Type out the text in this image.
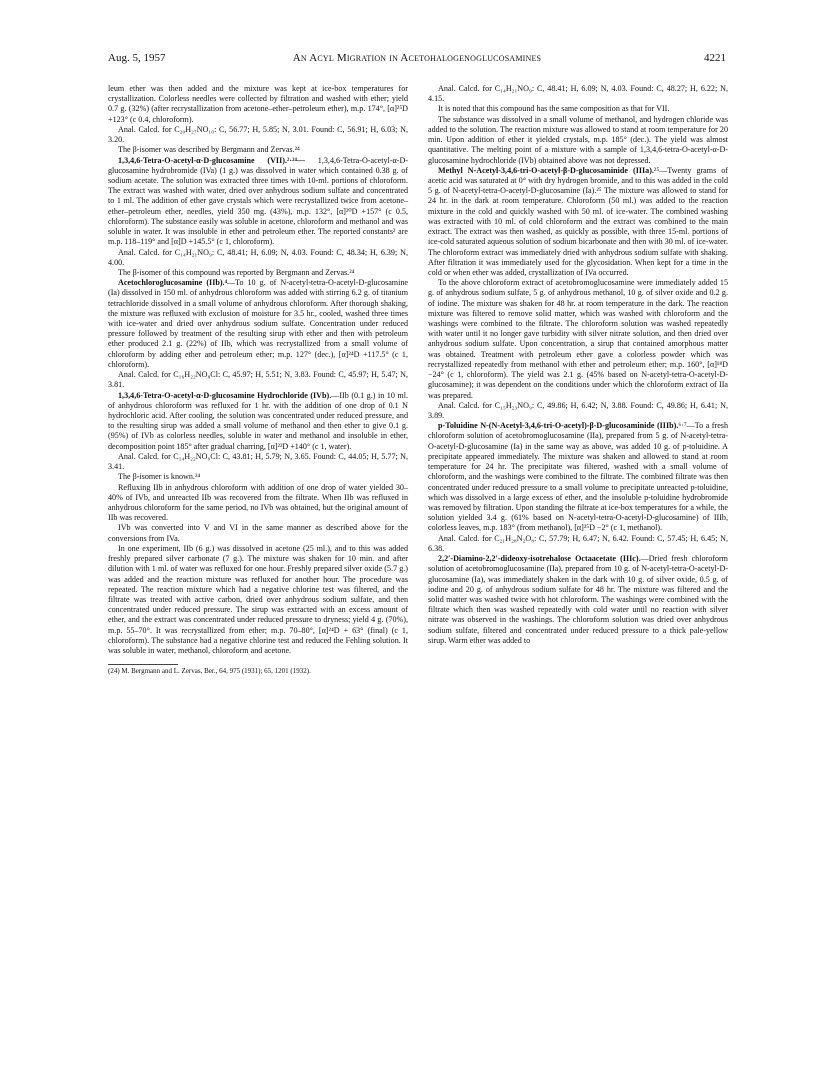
Aug. 5, 1957	An Acyl Migration in Acetohalogenoglucosamines	4221

leum ether was then added and the mixture was kept at ice-box temperatures for crystallization. Colorless needles were collected by filtration and washed with ether; yield 0.7 g. (32%) (after recrystallization from acetone–ether–petroleum ether), m.p. 174°, [α]²⁵D +123° (c 0.4, chloroform).

Anal. Calcd. for C₂₀H₂₇NO₁₀: C, 56.77; H, 5.85; N, 3.01. Found: C, 56.91; H, 6.03; N, 3.20.

The β-isomer was described by Bergmann and Zervas.²⁴

1,3,4,6-Tetra-O-acetyl-α-D-glucosamine (VII).²·²⁴— 1,3,4,6-Tetra-O-acetyl-α-D-glucosamine hydrobromide (IVa) (1 g.) was dissolved in water which contained 0.38 g. of sodium acetate. The solution was extracted three times with 10-ml. portions of chloroform. The extract was washed with water, dried over anhydrous sodium sulfate and concentrated to 1 ml. The addition of ether gave crystals which were recrystallized twice from acetone–ether–petroleum ether, needles, yield 350 mg. (43%), m.p. 132°, [α]²⁰D +157° (c 0.5, chloroform). The substance easily was soluble in acetone, chloroform and methanol and was soluble in water. It was insoluble in ether and petroleum ether. The reported constants² are m.p. 118–119° and [α]D +145.5° (c 1, chloroform).

Anal. Calcd. for C₁₄H₂₁NO₉: C, 48.41; H, 6.09; N, 4.03. Found: C, 48.34; H, 6.39; N, 4.00.

The β-isomer of this compound was reported by Bergmann and Zervas.²⁴

Acetochloroglucosamine (IIb).⁴—To 10 g. of N-acetyl-tetra-O-acetyl-D-glucosamine (Ia) dissolved in 150 ml. of anhydrous chloroform was added with stirring 6.2 g. of titanium tetrachloride dissolved in a small volume of anhydrous chloroform. After thorough shaking, the mixture was refluxed with exclusion of moisture for 3.5 hr., cooled, washed three times with ice-water and dried over anhydrous sodium sulfate. Concentration under reduced pressure followed by treatment of the resulting sirup with ether and then with petroleum ether produced 2.1 g. (22%) of IIb, which was recrystallized from a small volume of chloroform by adding ether and petroleum ether; m.p. 127° (dec.), [α]²⁴D +117.5° (c 1, chloroform).

Anal. Calcd. for C₁₆H₂₂NO₈Cl: C, 45.97; H, 5.51; N, 3.83. Found: C, 45.97; H, 5.47; N, 3.81.

1,3,4,6-Tetra-O-acetyl-α-D-glucosamine Hydrochloride (IVb).—IIb (0.1 g.) in 10 ml. of anhydrous chloroform was refluxed for 1 hr. with the addition of one drop of 0.1 N hydrochloric acid. After cooling, the solution was concentrated under reduced pressure, and to the resulting sirup was added a small volume of methanol and then ether to give 0.1 g. (95%) of IVb as colorless needles, soluble in water and methanol and insoluble in ether, decomposition point 185° after gradual charring, [α]²²D +140° (c 1, water).

Anal. Calcd. for C₁₄H₂₂NO₉Cl: C, 43.81; H, 5.79; N, 3.65. Found: C, 44.05; H, 5.77; N, 3.41.

The β-isomer is known.²⁴

Refluxing IIb in anhydrous chloroform with addition of one drop of water yielded 30–40% of IVb, and unreacted IIb was recovered from the filtrate. When IIb was refluxed in anhydrous chloroform for the same period, no IVb was obtained, but the original amount of IIb was recovered.

IVb was converted into V and VI in the same manner as described above for the conversions from IVa.

In one experiment, IIb (6 g.) was dissolved in acetone (25 ml.), and to this was added freshly prepared silver carbonate (7 g.). The mixture was shaken for 10 min. and after dilution with 1 ml. of water was refluxed for one hour. Freshly prepared silver oxide (5.7 g.) was added and the reaction mixture was refluxed for another hour. The procedure was repeated. The reaction mixture which had a negative chlorine test was filtered, and the filtrate was treated with active carbon, dried over anhydrous sodium sulfate, and then concentrated under reduced pressure. The sirup was extracted with an excess amount of ether, and the extract was concentrated under reduced pressure to dryness; yield 4 g. (70%), m.p. 55–70°. It was recrystallized from ether; m.p. 70–80°, [α]²⁴D + 63° (final) (c 1, chloroform). The substance had a negative chlorine test and reduced the Fehling solution. It was soluble in water, methanol, chloroform and acetone.

(24) M. Bergmann and L. Zervas, Ber., 64, 975 (1931); 65, 1201 (1932).

Anal. Calcd. for C₁₄H₂₁NO₉: C, 48.41; H, 6.09; N, 4.03. Found: C, 48.27; H, 6.22; N, 4.15.

It is noted that this compound has the same composition as that for VII.

The substance was dissolved in a small volume of methanol, and hydrogen chloride was added to the solution. The reaction mixture was allowed to stand at room temperature for 20 min. Upon addition of ether it yielded crystals, m.p. 185° (dec.). The yield was almost quantitative. The melting point of a mixture with a sample of 1,3,4,6-tetra-O-acetyl-α-D-glucosamine hydrochloride (IVb) obtained above was not depressed.

Methyl N-Acetyl-3,4,6-tri-O-acetyl-β-D-glucosaminide (IIIa).²⁵—Twenty grams of acetic acid was saturated at 0° with dry hydrogen bromide, and to this was added in the cold 5 g. of N-acetyl-tetra-O-acetyl-D-glucosamine (Ia).²⁵ The mixture was allowed to stand for 24 hr. in the dark at room temperature. Chloroform (50 ml.) was added to the reaction mixture in the cold and quickly washed with 50 ml. of ice-water. The combined washing was extracted with 10 ml. of cold chloroform and the extract was combined to the main extract. The extract was then washed, as quickly as possible, with three 15-ml. portions of ice-cold saturated aqueous solution of sodium bicarbonate and then with 30 ml. of ice-water. The chloroform extract was immediately dried with anhydrous sodium sulfate with shaking. After filtration it was immediately used for the glycosidation. When kept for a time in the cold or when ether was added, crystallization of IVa occurred.

To the above chloroform extract of acetobromoglucosamine were immediately added 15 g. of anhydrous sodium sulfate, 5 g. of anhydrous methanol, 10 g. of silver oxide and 0.2 g. of iodine. The mixture was shaken for 48 hr. at room temperature in the dark. The reaction mixture was filtered to remove solid matter, which was washed with chloroform and the washings were combined to the filtrate. The chloroform solution was washed repeatedly with water until it no longer gave turbidity with silver nitrate solution, and then dried over anhydrous sodium sulfate. Upon concentration, a sirup that contained amorphous matter was obtained. Treatment with petroleum ether gave a colorless powder which was recrystallized repeatedly from methanol with ether and petroleum ether; m.p. 160°, [α]¹⁸D −24° (c 1, chloroform). The yield was 2.1 g. (45% based on N-acetyl-tetra-O-acetyl-D-glucosamine); it was dependent on the conditions under which the chloroform extract of IIa was prepared.

Anal. Calcd. for C₁₅H₂₃NO₉: C, 49.86; H, 6.42; N, 3.88. Found: C, 49.86; H, 6.41; N, 3.89.

p-Toluidine N-(N-Acetyl-3,4,6-tri-O-acetyl)-β-D-glucosaminide (IIIb).⁶·⁷—To a fresh chloroform solution of acetobromoglucosamine (IIa), prepared from 5 g. of N-acetyl-tetra-O-acetyl-D-glucosamine (Ia) in the same way as above, was added 10 g. of p-toluidine. A precipitate appeared immediately. The mixture was shaken and allowed to stand at room temperature for 24 hr. The precipitate was filtered, washed with a small volume of chloroform, and the washings were combined to the filtrate. The combined filtrate was then concentrated under reduced pressure to a small volume to precipitate unreacted p-toluidine, which was dissolved in a large excess of ether, and the insoluble p-toluidine hydrobromide was removed by filtration. Upon standing the filtrate at ice-box temperatures for a while, the solution yielded 3.4 g. (61% based on N-acetyl-tetra-O-acetyl-D-glucosamine) of IIIb, colorless leaves, m.p. 183° (from methanol), [α]²⁵D −2° (c 1, methanol).

Anal. Calcd. for C₂₁H₂₈N₂O₈: C, 57.79; H, 6.47; N, 6.42. Found: C, 57.45; H, 6.45; N, 6.38.

2,2′-Diamino-2,2′-dideoxy-isotrehalose Octaacetate (IIIc).—Dried fresh chloroform solution of acetobromoglucosamine (IIa), prepared from 10 g. of N-acetyl-tetra-O-acetyl-D-glucosamine (Ia), was immediately shaken in the dark with 10 g. of silver oxide, 0.5 g. of iodine and 20 g. of anhydrous sodium sulfate for 48 hr. The mixture was filtered and the solid matter was washed twice with hot chloroform. The washings were combined with the filtrate which then was washed repeatedly with cold water until no reaction with silver nitrate was observed in the washings. The chloroform solution was dried over anhydrous sodium sulfate, filtered and concentrated under reduced pressure to a thick pale-yellow sirup. Warm ether was added to
